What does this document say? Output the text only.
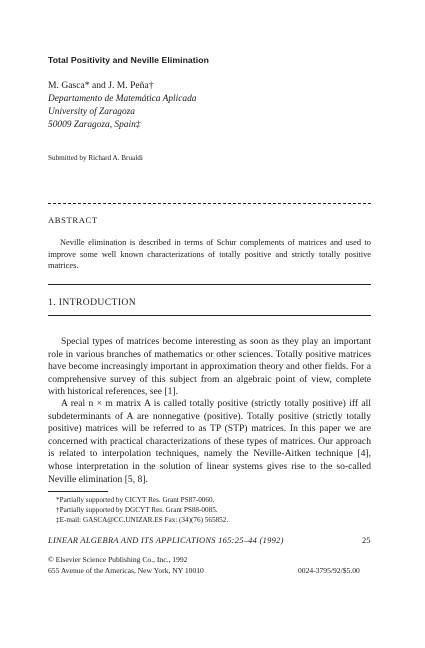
Total Positivity and Neville Elimination
M. Gasca* and J. M. Peña†
Departamento de Matemática Aplicada
University of Zaragoza
50009 Zaragoza, Spain‡
Submitted by Richard A. Brualdi
ABSTRACT
Neville elimination is described in terms of Schur complements of matrices and used to improve some well known characterizations of totally positive and strictly totally positive matrices.
1. INTRODUCTION
Special types of matrices become interesting as soon as they play an important role in various branches of mathematics or other sciences. Totally positive matrices have become increasingly important in approximation theory and other fields. For a comprehensive survey of this subject from an algebraic point of view, complete with historical references, see [1].
A real n × m matrix A is called totally positive (strictly totally positive) iff all subdeterminants of A are nonnegative (positive). Totally positive (strictly totally positive) matrices will be referred to as TP (STP) matrices. In this paper we are concerned with practical characterizations of these types of matrices. Our approach is related to interpolation techniques, namely the Neville-Aitken technique [4], whose interpretation in the solution of linear systems gives rise to the so-called Neville elimination [5, 8].
*Partially supported by CICYT Res. Grant PS87-0060.
†Partially supported by DGCYT Res. Grant PS88-0085.
‡E-mail: GASCA@CC.UNIZAR.ES Fax: (34)(76) 565852.
LINEAR ALGEBRA AND ITS APPLICATIONS 165:25–44 (1992)	25
© Elsevier Science Publishing Co., Inc., 1992
655 Avenue of the Americas, New York, NY 10010	0024-3795/92/$5.00
